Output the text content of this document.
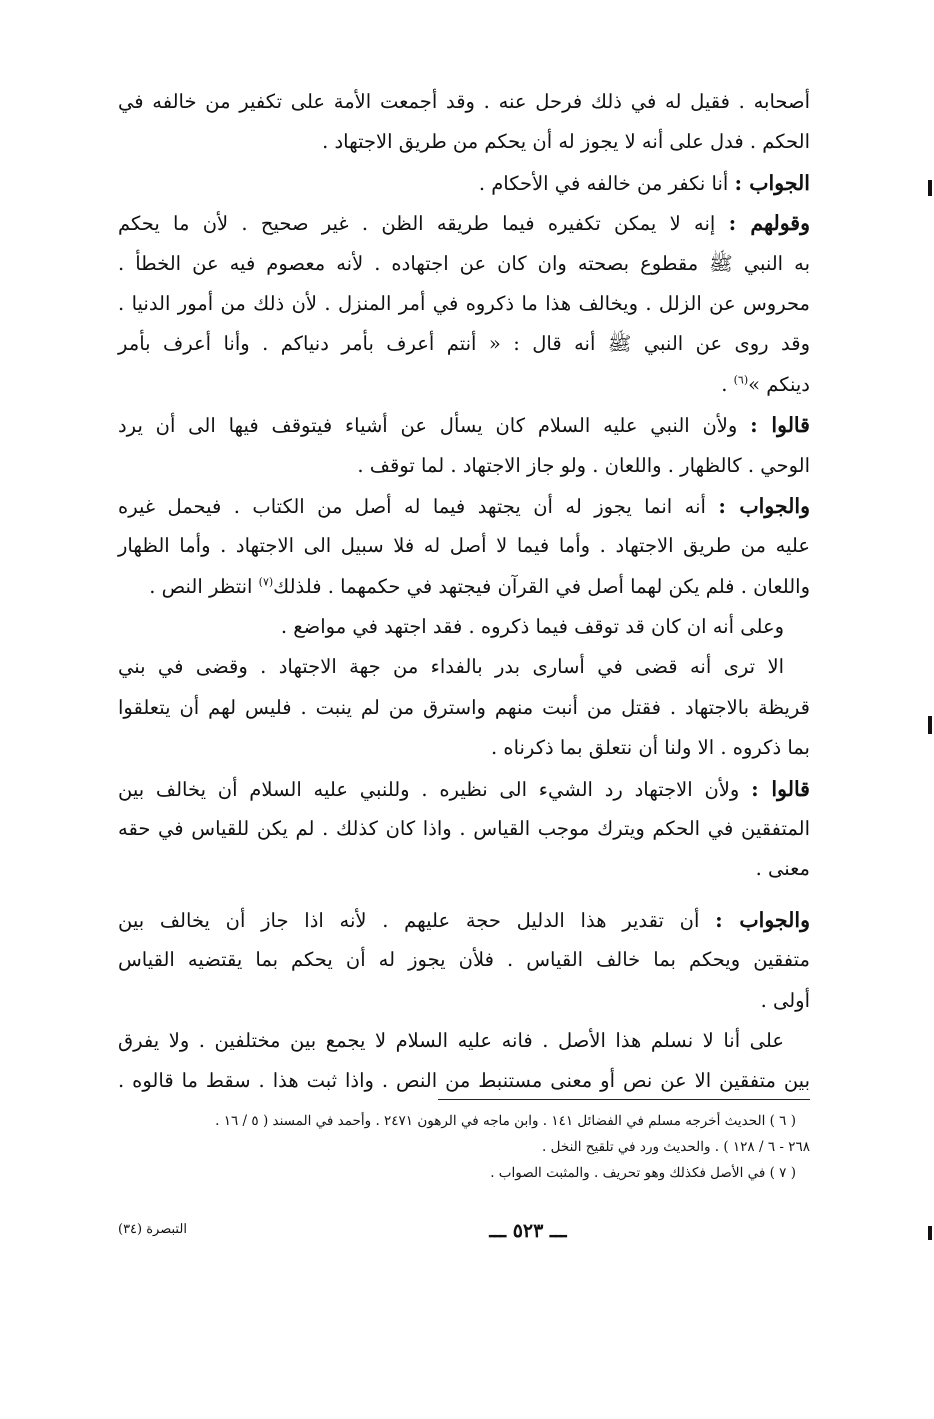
أصحابه . فقيل له في ذلك فرحل عنه . وقد أجمعت الأمة على تكفير من خالفه في
الحكم . فدل على أنه لا يجوز له أن يحكم من طريق الاجتهاد .
الجواب : أنا نكفر من خالفه في الأحكام .
وقولهم : إنه لا يمكن تكفيره فيما طريقه الظن . غير صحيح . لأن ما يحكم
به النبي ﷺ مقطوع بصحته وان كان عن اجتهاده . لأنه معصوم فيه عن الخطأ .
محروس عن الزلل . ويخالف هذا ما ذكروه في أمر المنزل . لأن ذلك من أمور الدنيا .
وقد روى عن النبي ﷺ أنه قال : « أنتم أعرف بأمر دنياكم . وأنا أعرف بأمر
دينكم »$^{(٦)}$ .
قالوا : ولأن النبي عليه السلام كان يسأل عن أشياء فيتوقف فيها الى أن يرد
الوحي . كالظهار . واللعان . ولو جاز الاجتهاد . لما توقف .
والجواب : أنه انما يجوز له أن يجتهد فيما له أصل من الكتاب . فيحمل غيره
عليه من طريق الاجتهاد . وأما فيما لا أصل له فلا سبيل الى الاجتهاد . وأما الظهار
واللعان . فلم يكن لهما أصل في القرآن فيجتهد في حكمهما . فلذلك$^{(٧)}$ انتظر النص .
وعلى أنه ان كان قد توقف فيما ذكروه . فقد اجتهد في مواضع .
الا ترى أنه قضى في أسارى بدر بالفداء من جهة الاجتهاد . وقضى في بني
قريظة بالاجتهاد . فقتل من أنبت منهم واسترق من لم ينبت . فليس لهم أن يتعلقوا
بما ذكروه . الا ولنا أن نتعلق بما ذكرناه .
قالوا : ولأن الاجتهاد رد الشيء الى نظيره . وللنبي عليه السلام أن يخالف بين
المتفقين في الحكم ويترك موجب القياس . واذا كان كذلك . لم يكن للقياس في حقه
معنى .
والجواب : أن تقدير هذا الدليل حجة عليهم . لأنه اذا جاز أن يخالف بين
متفقين ويحكم بما خالف القياس . فلأن يجوز له أن يحكم بما يقتضيه القياس
أولى .
على أنا لا نسلم هذا الأصل . فانه عليه السلام لا يجمع بين مختلفين . ولا يفرق
بين متفقين الا عن نص أو معنى مستنبط من النص . واذا ثبت هذا . سقط ما قالوه .
( ٦ ) الحديث أخرجه مسلم في الفضائل ١٤١ . وابن ماجه في الرهون ٢٤٧١ . وأحمد في المسند ( ٥ / ١٦ .
٢٦٨ - ٦ / ١٢٨ ) . والحديث ورد في تلقيح النخل .
( ٧ ) في الأصل فكذلك وهو تحريف . والمثبت الصواب .
ـــ ٥٢٣ ـــ
التبصرة (٣٤)
